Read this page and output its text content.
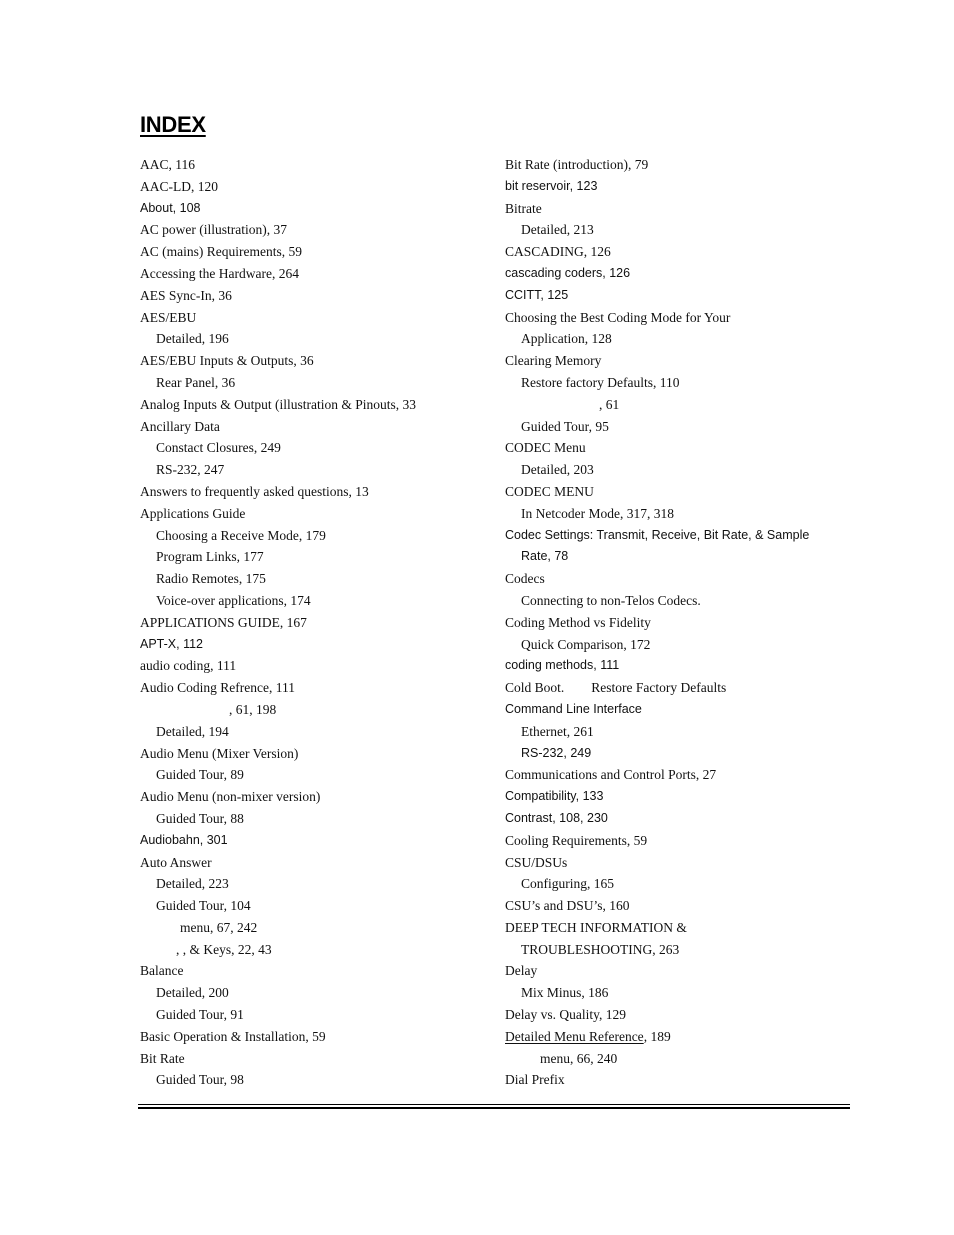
INDEX
AAC, 116
AAC-LD, 120
About, 108
AC power (illustration), 37
AC (mains) Requirements, 59
Accessing the Hardware, 264
AES Sync-In, 36
AES/EBU
Detailed, 196
AES/EBU Inputs & Outputs, 36
Rear Panel, 36
Analog Inputs & Output (illustration & Pinouts, 33
Ancillary Data
Constact Closures, 249
RS-232, 247
Answers to frequently asked questions, 13
Applications Guide
Choosing a Receive Mode, 179
Program Links, 177
Radio Remotes, 175
Voice-over applications, 174
APPLICATIONS GUIDE, 167
APT-X, 112
audio coding, 111
Audio Coding Refrence, 111
, 61, 198
Detailed, 194
Audio Menu (Mixer Version)
Guided Tour, 89
Audio Menu (non-mixer version)
Guided Tour, 88
Audiobahn, 301
Auto Answer
Detailed, 223
Guided Tour, 104
menu, 67, 242
, , & Keys, 22, 43
Balance
Detailed, 200
Guided Tour, 91
Basic Operation & Installation, 59
Bit Rate
Guided Tour, 98
Bit Rate (introduction), 79
bit reservoir, 123
Bitrate
Detailed, 213
CASCADING, 126
cascading coders, 126
CCITT, 125
Choosing the Best Coding Mode for Your
Application, 128
Clearing Memory
Restore factory Defaults, 110
, 61
Guided Tour, 95
CODEC Menu
Detailed, 203
CODEC MENU
In Netcoder Mode, 317, 318
Codec Settings: Transmit, Receive, Bit Rate, & Sample
Rate, 78
Codecs
Connecting to non-Telos Codecs.
Coding Method vs Fidelity
Quick Comparison, 172
coding methods, 111
Cold Boot.        Restore Factory Defaults
Command Line Interface
Ethernet, 261
RS-232, 249
Communications and Control Ports, 27
Compatibility, 133
Contrast, 108, 230
Cooling Requirements, 59
CSU/DSUs
Configuring, 165
CSU’s and DSU’s, 160
DEEP TECH INFORMATION &
TROUBLESHOOTING, 263
Delay
Mix Minus, 186
Delay vs. Quality, 129
Detailed Menu Reference, 189
menu, 66, 240
Dial Prefix
